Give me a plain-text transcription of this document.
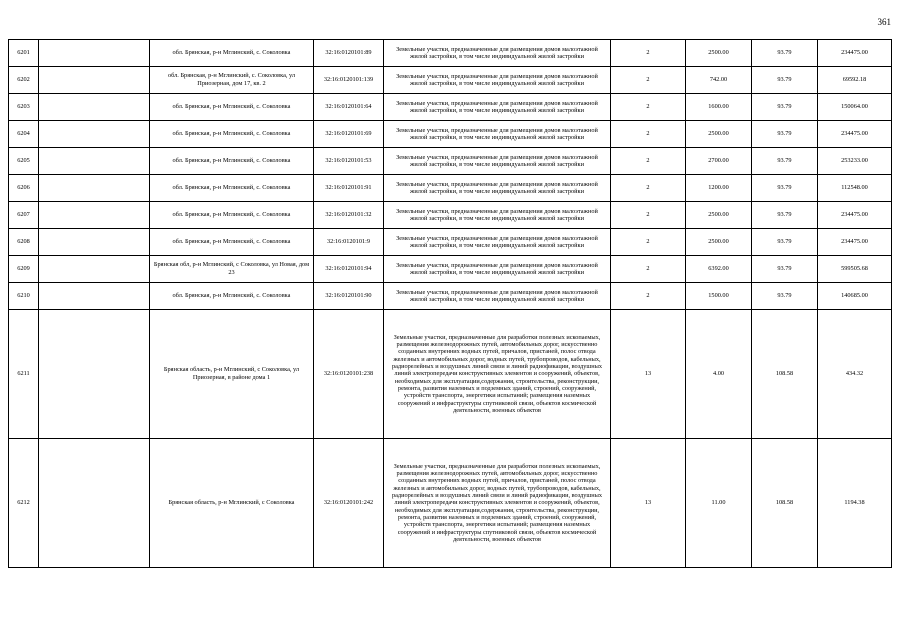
361
6201		обл. Брянская, р-н Мглинский, с. Соколовка	32:16:0120101:89	Земельные участки, предназначенные для размещения домов малоэтажной жилой застройки, в том числе индивидуальной жилой застройки	2	2500.00	93.79	234475.00
6202		обл. Брянская, р-н Мглинский, с. Соколовка, ул Приозерная, дом 17, кв. 2	32:16:0120101:139	Земельные участки, предназначенные для размещения домов малоэтажной жилой застройки, в том числе индивидуальной жилой застройки	2	742.00	93.79	69592.18
6203		обл. Брянская, р-н Мглинский, с. Соколовка	32:16:0120101:64	Земельные участки, предназначенные для размещения домов малоэтажной жилой застройки, в том числе индивидуальной жилой застройки	2	1600.00	93.79	150064.00
6204		обл. Брянская, р-н Мглинский, с. Соколовка	32:16:0120101:69	Земельные участки, предназначенные для размещения домов малоэтажной жилой застройки, в том числе индивидуальной жилой застройки	2	2500.00	93.79	234475.00
6205		обл. Брянская, р-н Мглинский, с. Соколовка	32:16:0120101:53	Земельные участки, предназначенные для размещения домов малоэтажной жилой застройки, в том числе индивидуальной жилой застройки	2	2700.00	93.79	253233.00
6206		обл. Брянская, р-н Мглинский, с. Соколовка	32:16:0120101:91	Земельные участки, предназначенные для размещения домов малоэтажной жилой застройки, в том числе индивидуальной жилой застройки	2	1200.00	93.79	112548.00
6207		обл. Брянская, р-н Мглинский, с. Соколовка	32:16:0120101:32	Земельные участки, предназначенные для размещения домов малоэтажной жилой застройки, в том числе индивидуальной жилой застройки	2	2500.00	93.79	234475.00
6208		обл. Брянская, р-н Мглинский, с. Соколовка	32:16:0120101:9	Земельные участки, предназначенные для размещения домов малоэтажной жилой застройки, в том числе индивидуальной жилой застройки	2	2500.00	93.79	234475.00
6209		Брянская обл, р-н Мглинский, с Соколовка, ул Новая, дом 23	32:16:0120101:94	Земельные участки, предназначенные для размещения домов малоэтажной жилой застройки, в том числе индивидуальной жилой застройки	2	6392.00	93.79	599505.68
6210		обл. Брянская, р-н Мглинский, с. Соколовка	32:16:0120101:90	Земельные участки, предназначенные для размещения домов малоэтажной жилой застройки, в том числе индивидуальной жилой застройки	2	1500.00	93.79	140685.00
6211		Брянская область, р-н Мглинский, с Соколовка, ул Приозерная, в районе дома 1	32:16:0120101:238	Земельные участки, предназначенные для разработки полезных ископаемых, размещения железнодорожных путей, автомобильных дорог, искусственно созданных внутренних водных путей, причалов, пристаней, полос отвода железных и автомобильных дорог, водных путей, трубопроводов, кабельных, радиорелейных и воздушных линий связи и линий радиофикации, воздушных линий электропередачи конструктивных элементов и сооружений, объектов, необходимых для эксплуатации,содержания, строительства, реконструкции, ремонта, развития наземных и подземных зданий, строений, сооружений, устройств транспорта, энергетики испытаний; размещения наземных сооружений и инфраструктуры спутниковой связи, объектов космической деятельности, военных объектов	13	4.00	108.58	434.32
6212		Брянская область, р-н Мглинский, с Соколовка	32:16:0120101:242	Земельные участки, предназначенные для разработки полезных ископаемых, размещения железнодорожных путей, автомобильных дорог, искусственно созданных внутренних водных путей, причалов, пристаней, полос отвода железных и автомобильных дорог, водных путей, трубопроводов, кабельных, радиорелейных и воздушных линий связи и линий радиофикации, воздушных линий электропередачи конструктивных элементов и сооружений, объектов, необходимых для эксплуатации,содержания, строительства, реконструкции, ремонта, развития наземных и подземных зданий, строений, сооружений, устройств транспорта, энергетики испытаний; размещения наземных сооружений и инфраструктуры спутниковой связи, объектов космической деятельности, военных объектов	13	11.00	108.58	1194.38
